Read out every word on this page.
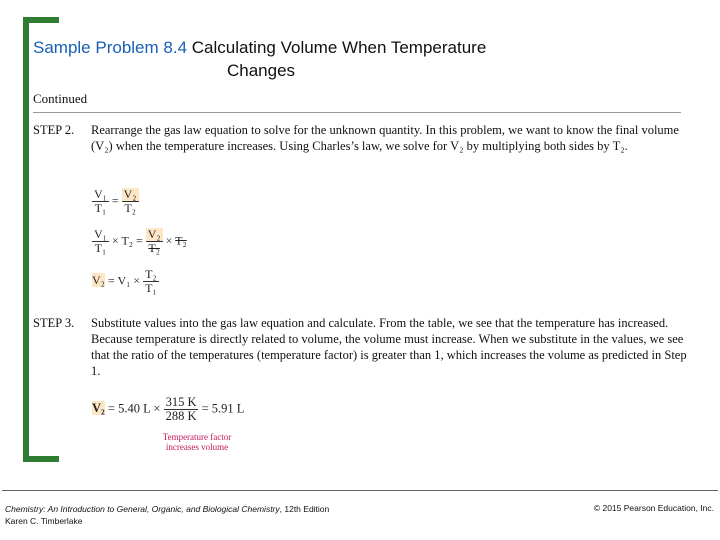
Sample Problem 8.4 Calculating Volume When Temperature
Changes
Continued
STEP 2. Rearrange the gas law equation to solve for the unknown quantity. In this problem, we want to know the final volume (V₂) when the temperature increases. Using Charles’s law, we solve for V₂ by multiplying both sides by T₂.
$\frac{\text{V₁}}{\text{T₁}} = \frac{\text{V₂}}{\text{T₂}}$
$\frac{\text{V₁}}{\text{T₁}} \times T_2 = \frac{\text{V₂}}{\text{T₂}} \times T_2$
$V_2 = V_1 \times \frac{\text{T₂}}{\text{T₁}}$
STEP 3. Substitute values into the gas law equation and calculate. From the table, we see that the temperature has increased. Because temperature is directly related to volume, the volume must increase. When we substitute in the values, we see that the ratio of the temperatures (temperature factor) is greater than 1, which increases the volume as predicted in Step 1.
V₂ = 5.40 $L \times \frac{315 K}{288 K} = 5.91$ L
Temperature factor increases volume
Chemistry: An Introduction to General, Organic, and Biological Chemistry, 12th Edition
Karen C. Timberlake
© 2015 Pearson Education, Inc.
